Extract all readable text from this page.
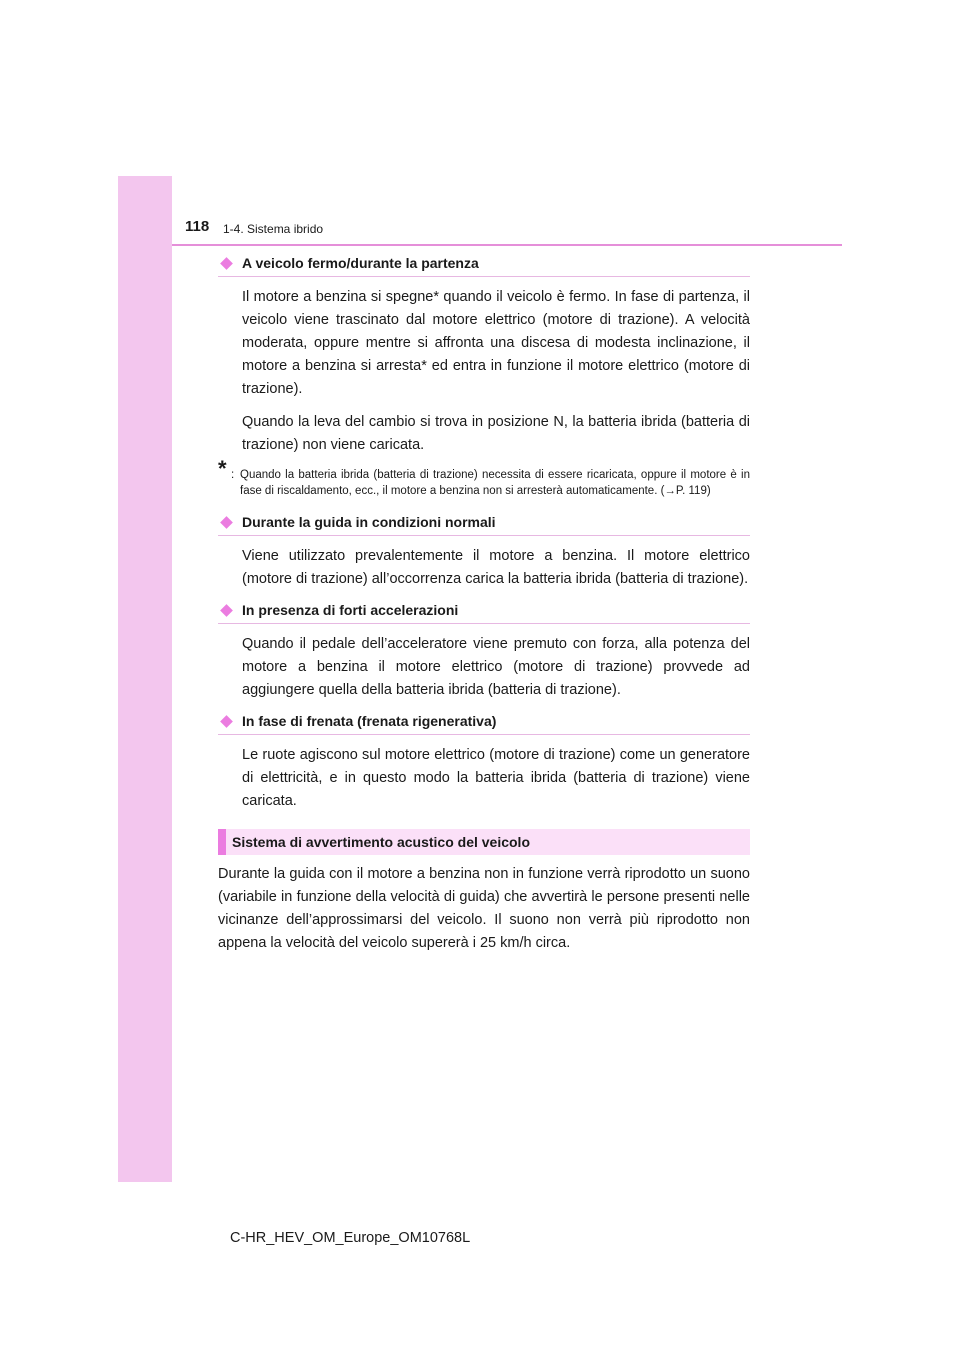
118 1-4. Sistema ibrido
A veicolo fermo/durante la partenza

Il motore a benzina si spegne* quando il veicolo è fermo. In fase di partenza, il veicolo viene trascinato dal motore elettrico (motore di trazione). A velocità moderata, oppure mentre si affronta una discesa di modesta inclinazione, il motore a benzina si arresta* ed entra in funzione il motore elettrico (motore di trazione).

Quando la leva del cambio si trova in posizione N, la batteria ibrida (batteria di trazione) non viene caricata.

* : Quando la batteria ibrida (batteria di trazione) necessita di essere ricaricata, oppure il motore è in fase di riscaldamento, ecc., il motore a benzina non si arresterà automaticamente. (→P. 119)
Durante la guida in condizioni normali

Viene utilizzato prevalentemente il motore a benzina. Il motore elettrico (motore di trazione) all’occorrenza carica la batteria ibrida (batteria di trazione).

In presenza di forti accelerazioni

Quando il pedale dell’acceleratore viene premuto con forza, alla potenza del motore a benzina il motore elettrico (motore di trazione) provvede ad aggiungere quella della batteria ibrida (batteria di trazione).

In fase di frenata (frenata rigenerativa)

Le ruote agiscono sul motore elettrico (motore di trazione) come un generatore di elettricità, e in questo modo la batteria ibrida (batteria di trazione) viene caricata.

Sistema di avvertimento acustico del veicolo

Durante la guida con il motore a benzina non in funzione verrà riprodotto un suono (variabile in funzione della velocità di guida) che avvertirà le persone presenti nelle vicinanze dell’approssimarsi del veicolo. Il suono non verrà più riprodotto non appena la velocità del veicolo supererà i 25 km/h circa.

C-HR_HEV_OM_Europe_OM10768L
